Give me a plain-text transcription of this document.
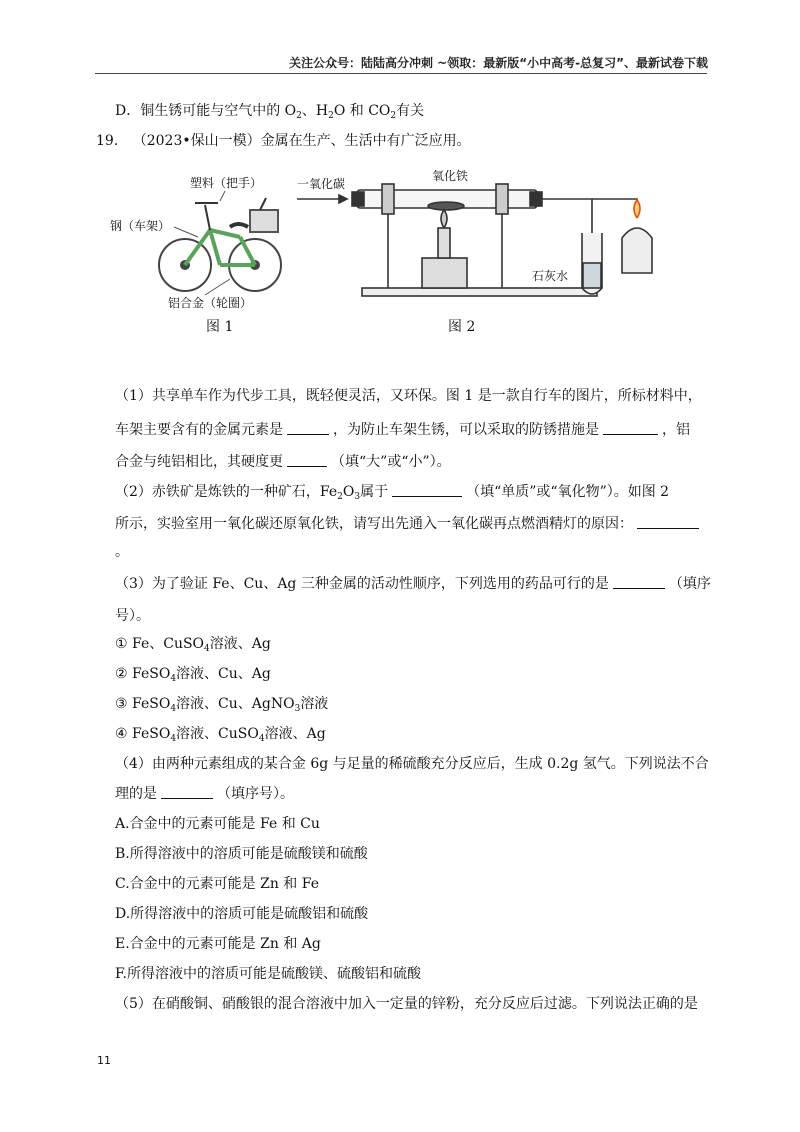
关注公众号：陆陆高分冲刺 ~领取：最新版“小中高考-总复习”、最新试卷下载
D．铜生锈可能与空气中的 $O_2$、$H_2O$ 和 $CO_2$有关
19. （2023•保山一模）金属在生产、生活中有广泛应用。
塑料（把手）
钢（车架）
铝合金（轮圈）
图 1
一氧化碳
氧化铁
石灰水
图 2
（1）共享单车作为代步工具，既轻便灵活，又环保。图 1 是一款自行车的图片，所标材料中，
车架主要含有的金属元素是	，为防止车架生锈，可以采取的防锈措施是	，铝
合金与纯铝相比，其硬度更	（填“大”或“小”）。
（2）赤铁矿是炼铁的一种矿石，$Fe_2O_3$属于	（填“单质”或“氧化物”）。如图 2
所示，实验室用一氧化碳还原氧化铁，请写出先通入一氧化碳再点燃酒精灯的原因：
。
（3）为了验证 Fe、Cu、Ag 三种金属的活动性顺序，下列选用的药品可行的是	（填序
号）。
① Fe、CuSO$_4$溶液、Ag
② FeSO$_4$溶液、Cu、Ag
③ FeSO$_4$溶液、Cu、AgNO$_3$溶液
④ FeSO$_4$溶液、CuSO$_4$溶液、Ag
（4）由两种元素组成的某合金 6g 与足量的稀硫酸充分反应后，生成 0.2g 氢气。下列说法不合
理的是	（填序号）。
A.合金中的元素可能是 Fe 和 Cu
B.所得溶液中的溶质可能是硫酸镁和硫酸
C.合金中的元素可能是 Zn 和 Fe
D.所得溶液中的溶质可能是硫酸铝和硫酸
E.合金中的元素可能是 Zn 和 Ag
F.所得溶液中的溶质可能是硫酸镁、硫酸铝和硫酸
（5）在硝酸铜、硝酸银的混合溶液中加入一定量的锌粉，充分反应后过滤。下列说法正确的是
11
